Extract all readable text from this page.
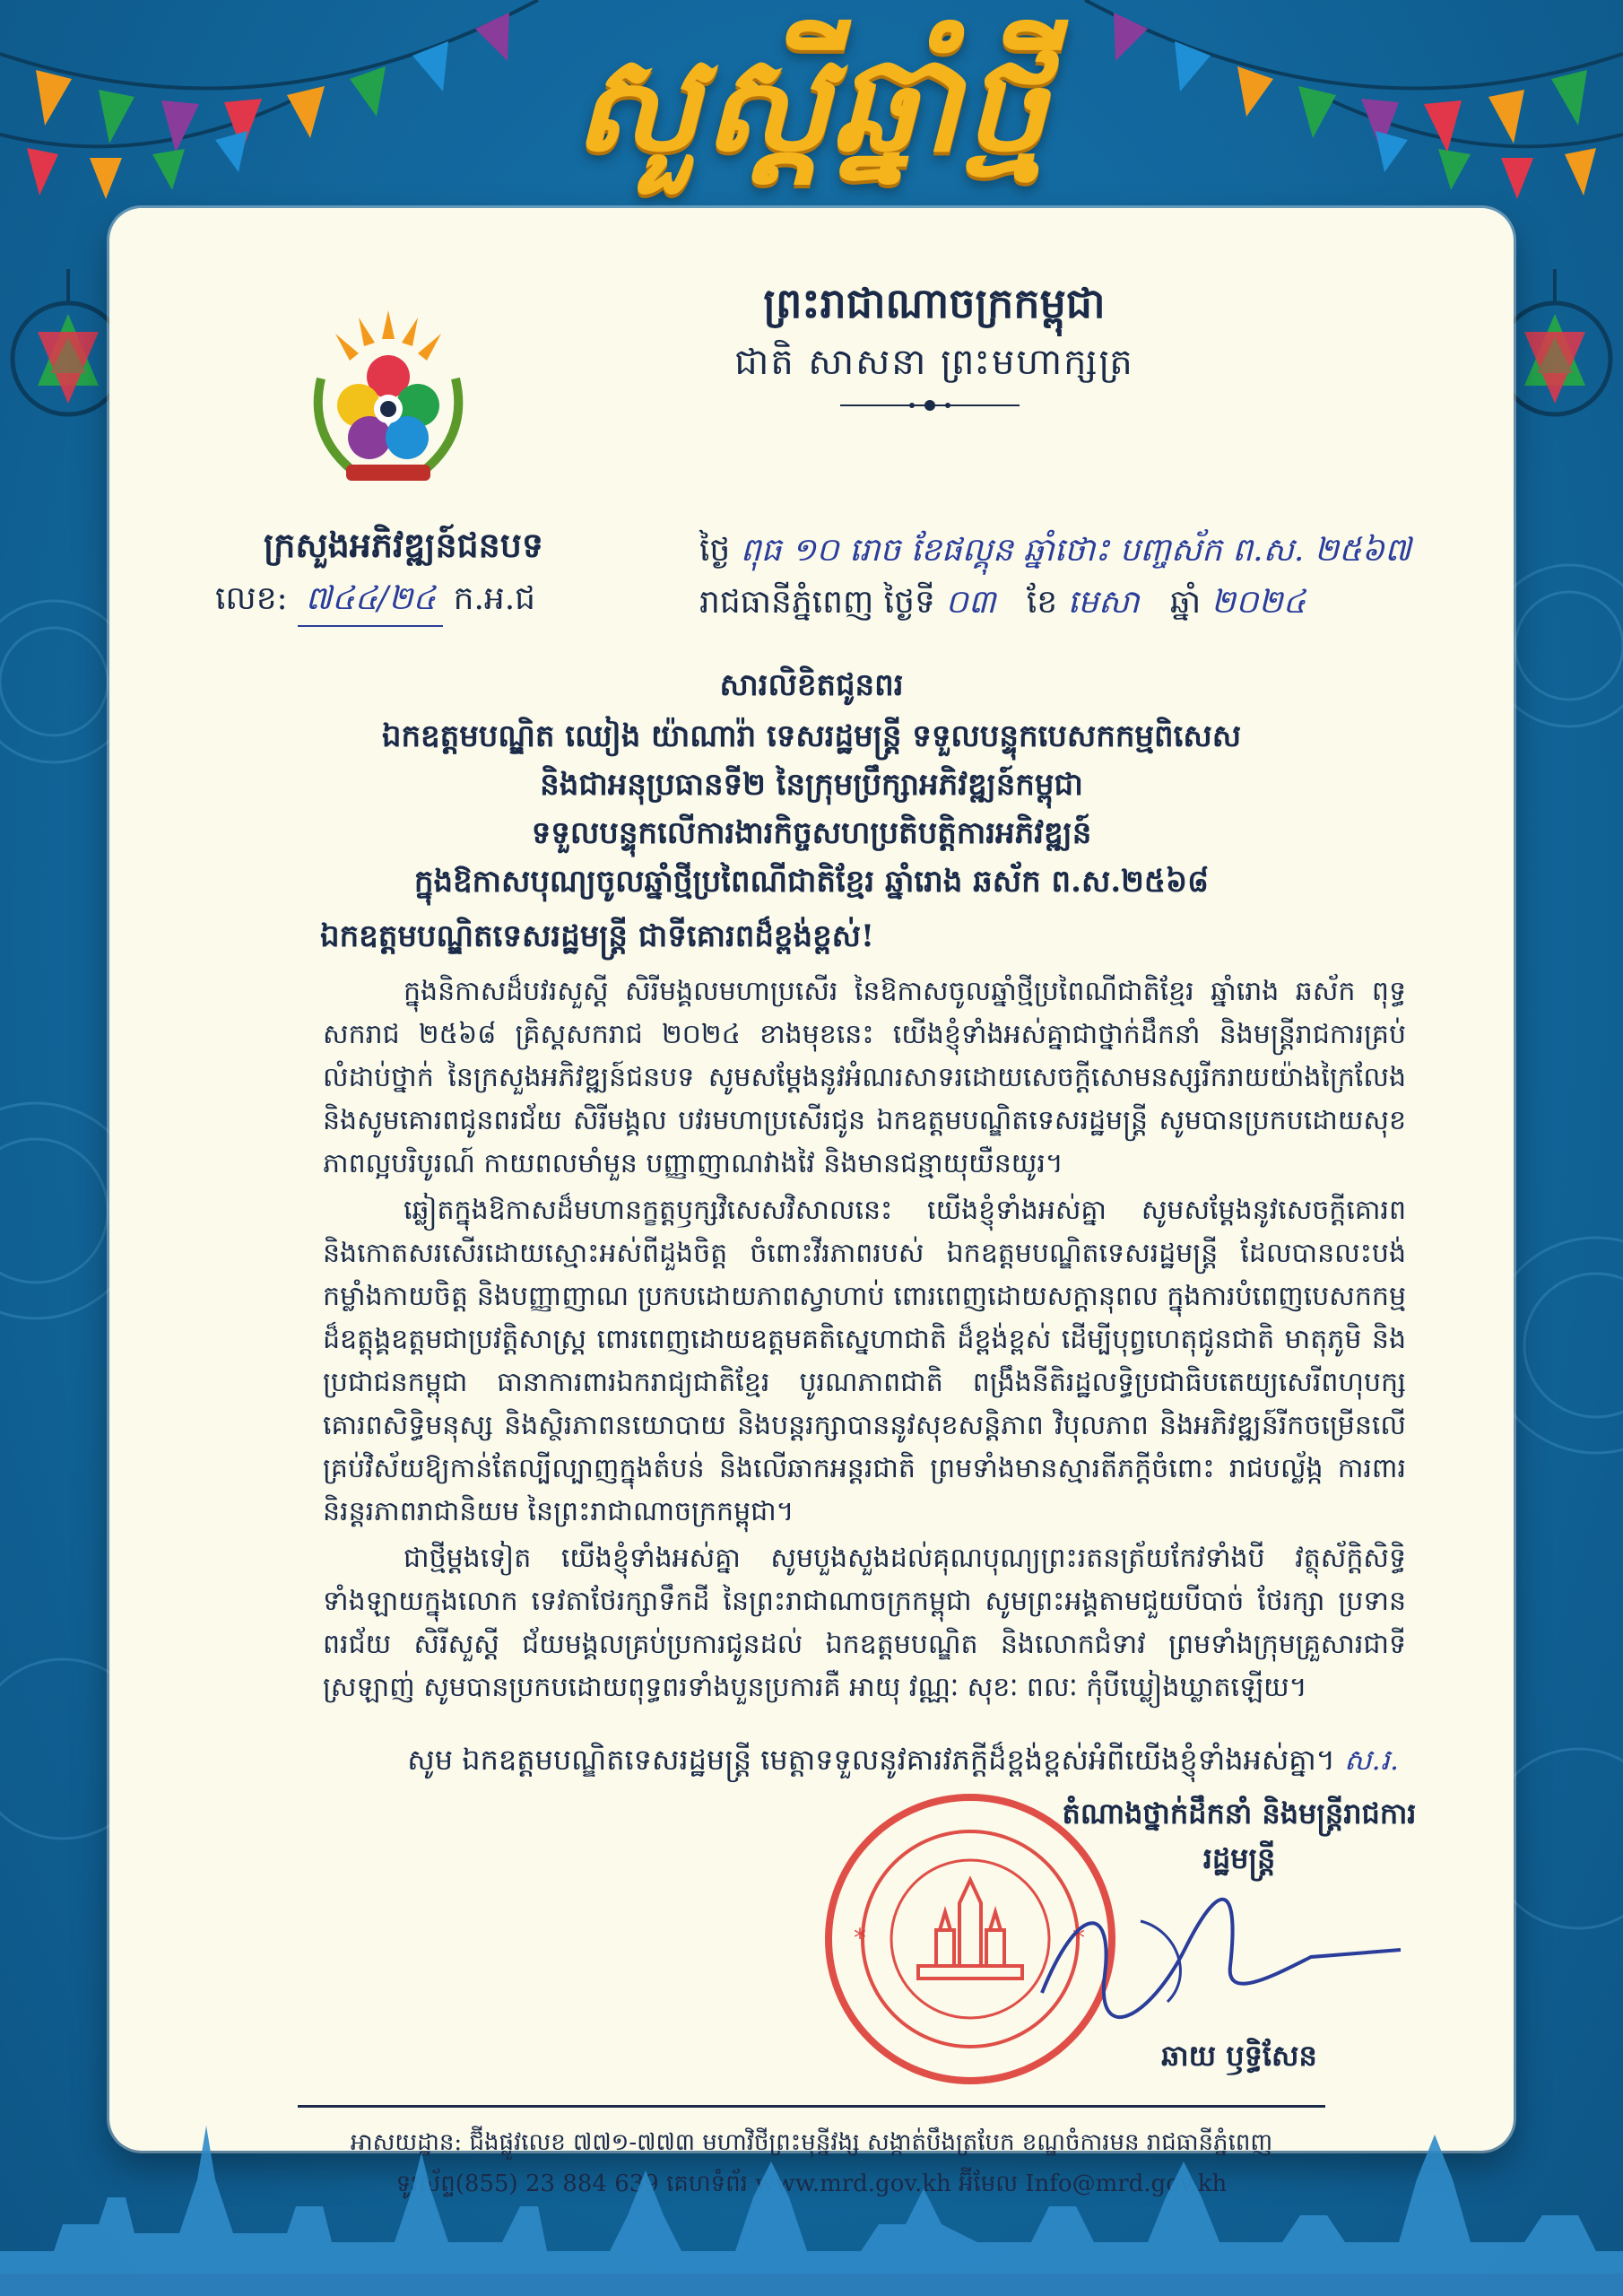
សួស្តីឆ្នាំថ្មី
ក្រសួងអភិវឌ្ឍន៍ជនបទ
លេខ: ៧៤៤/២៤ ក.អ.ជ
ព្រះរាជាណាចក្រកម្ពុជា
ជាតិ សាសនា ព្រះមហាក្សត្រ
ថ្ងៃ ពុធ ១០ រោច ខែផល្គុន ឆ្នាំថោះ បញ្ចស័ក ព.ស. ២៥៦៧
រាជធានីភ្នំពេញ ថ្ងៃទី ០៣ ខែ មេសា ឆ្នាំ ២០២៤
សារលិខិតជូនពរ
ឯកឧត្តមបណ្ឌិត ឈៀង យ៉ាណារ៉ា ទេសរដ្ឋមន្ត្រី ទទួលបន្ទុកបេសកកម្មពិសេស
និងជាអនុប្រធានទី២ នៃក្រុមប្រឹក្សាអភិវឌ្ឍន៍កម្ពុជា
ទទួលបន្ទុកលើការងារកិច្ចសហប្រតិបត្តិការអភិវឌ្ឍន៍
ក្នុងឱកាសបុណ្យចូលឆ្នាំថ្មីប្រពៃណីជាតិខ្មែរ ឆ្នាំរោង ឆស័ក ព.ស.២៥៦៨
ឯកឧត្តមបណ្ឌិតទេសរដ្ឋមន្ត្រី ជាទីគោរពដ៏ខ្ពង់ខ្ពស់!

ក្នុងនិកាសដ៏បវរសួស្តី សិរីមង្គលមហាប្រសើរ នៃឱកាសចូលឆ្នាំថ្មីប្រពៃណីជាតិខ្មែរ ឆ្នាំរោង ឆស័ក ពុទ្ធសករាជ ២៥៦៨ គ្រិស្តសករាជ ២០២៤ ខាងមុខនេះ យើងខ្ញុំទាំងអស់គ្នាជាថ្នាក់ដឹកនាំ និងមន្ត្រីរាជការគ្រប់លំដាប់ថ្នាក់ នៃក្រសួងអភិវឌ្ឍន៍ជនបទ សូមសម្តែងនូវអំណរសាទរដោយសេចក្តីសោមនស្សរីករាយយ៉ាងក្រៃលែង និងសូមគោរពជូនពរជ័យ សិរីមង្គល បវរមហាប្រសើរជូន ឯកឧត្តមបណ្ឌិតទេសរដ្ឋមន្ត្រី សូមបានប្រកបដោយសុខភាពល្អបរិបូរណ៍ កាយពលមាំមួន បញ្ញាញាណវាងវៃ និងមានជន្មាយុយឺនយូរ។

ឆ្លៀតក្នុងឱកាសដ៏មហានក្ខត្តឫក្សវិសេសវិសាលនេះ យើងខ្ញុំទាំងអស់គ្នា សូមសម្តែងនូវសេចក្តីគោរព និងកោតសរសើរដោយស្មោះអស់ពីដួងចិត្ត ចំពោះវីរភាពរបស់ ឯកឧត្តមបណ្ឌិតទេសរដ្ឋមន្ត្រី ដែលបានលះបង់ កម្លាំងកាយចិត្ត និងបញ្ញាញាណ ប្រកបដោយភាពស្វាហាប់ ពោរពេញដោយសក្តានុពល ក្នុងការបំពេញបេសកកម្មដ៏ឧត្តុង្គឧត្តមជាប្រវត្តិសាស្ត្រ ពោរពេញដោយឧត្តមគតិស្នេហាជាតិ ដ៏ខ្ពង់ខ្ពស់ ដើម្បីបុព្វហេតុជូនជាតិ មាតុភូមិ និងប្រជាជនកម្ពុជា ធានាការពារឯករាជ្យជាតិខ្មែរ បូរណភាពជាតិ ពង្រឹងនីតិរដ្ឋលទ្ធិប្រជាធិបតេយ្យសេរីពហុបក្ស គោរពសិទ្ធិមនុស្ស និងស្ថិរភាពនយោបាយ និងបន្តរក្សាបាននូវសុខសន្តិភាព វិបុលភាព និងអភិវឌ្ឍន៍រីកចម្រើនលើគ្រប់វិស័យឱ្យកាន់តែល្បីល្បាញក្នុងតំបន់ និងលើឆាកអន្តរជាតិ ព្រមទាំងមានស្មារតីភក្តីចំពោះ រាជបល្ល័ង្ក ការពារនិរន្តរភាពរាជានិយម នៃព្រះរាជាណាចក្រកម្ពុជា។

ជាថ្មីម្តងទៀត យើងខ្ញុំទាំងអស់គ្នា សូមបួងសួងដល់គុណបុណ្យព្រះរតនត្រ័យកែវទាំងបី វត្ថុស័ក្តិសិទ្ធិទាំងឡាយក្នុងលោក ទេវតាថែរក្សាទឹកដី នៃព្រះរាជាណាចក្រកម្ពុជា សូមព្រះអង្គតាមជួយបីបាច់ ថែរក្សា ប្រទានពរជ័យ សិរីសួស្តី ជ័យមង្គលគ្រប់ប្រការជូនដល់ ឯកឧត្តមបណ្ឌិត និងលោកជំទាវ ព្រមទាំងក្រុមគ្រួសារជាទីស្រឡាញ់ សូមបានប្រកបដោយពុទ្ធពរទាំងបួនប្រការគឺ អាយុ វណ្ណៈ សុខៈ ពលៈ កុំបីឃ្លៀងឃ្លាតឡើយ។

សូម ឯកឧត្តមបណ្ឌិតទេសរដ្ឋមន្ត្រី មេត្តាទទួលនូវគារវភក្តីដ៏ខ្ពង់ខ្ពស់អំពីយើងខ្ញុំទាំងអស់គ្នា។ ស.រ.
*	*
តំណាងថ្នាក់ដឹកនាំ និងមន្ត្រីរាជការ
រដ្ឋមន្ត្រី
ឆាយ ឫទ្ធិសែន
អាសយដ្ឋាន: ជ៊ីងផ្លូវលេខ ៧៧១-៧៧៣ មហាវិថីព្រះមុន្នីវង្ស សង្កាត់បឹងត្របែក ខណ្ឌចំការមន រាជធានីភ្នំពេញ
ទូរស័ព្ទ(855) 23 884 639 គេហទំព័រ www.mrd.gov.kh អ៊ីមែល Info@mrd.gov.kh
